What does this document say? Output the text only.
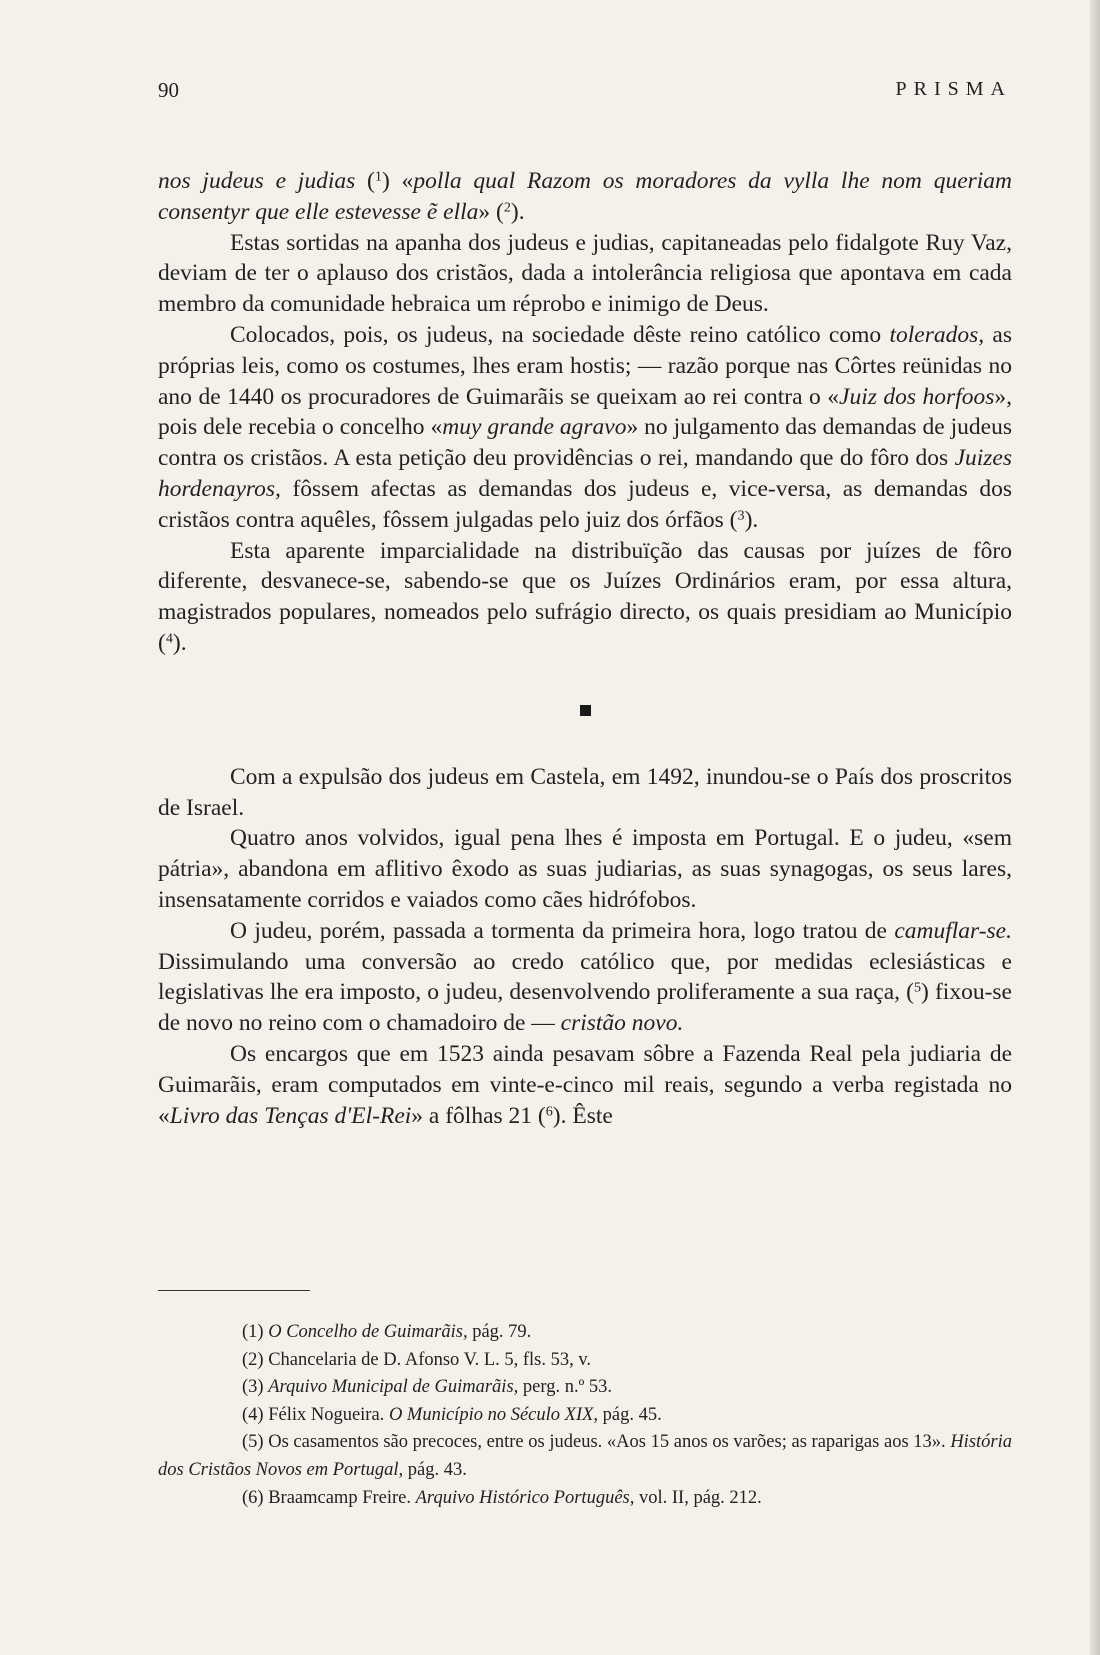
90	PRISMA

nos judeus e judias ($^1$) «polla qual Razom os moradores da vylla lhe nom queriam consentyr que elle estevesse ẽ ella» ($^2$).

Estas sortidas na apanha dos judeus e judias, capitaneadas pelo fidalgote Ruy Vaz, deviam de ter o aplauso dos cristãos, dada a intolerância religiosa que apontava em cada membro da comunidade hebraica um réprobo e inimigo de Deus.

Colocados, pois, os judeus, na sociedade dêste reino católico como tolerados, as próprias leis, como os costumes, lhes eram hostis; — razão porque nas Côrtes reünidas no ano de 1440 os procuradores de Guimarãis se queixam ao rei contra o «Juiz dos horfoos», pois dele recebia o concelho «muy grande agravo» no julgamento das demandas de judeus contra os cristãos. A esta petição deu providências o rei, mandando que do fôro dos Juizes hordenayros, fôssem afectas as demandas dos judeus e, vice-versa, as demandas dos cristãos contra aquêles, fôssem julgadas pelo juiz dos órfãos ($^3$).

Esta aparente imparcialidade na distribuïção das causas por juízes de fôro diferente, desvanece-se, sabendo-se que os Juízes Ordinários eram, por essa altura, magistrados populares, nomeados pelo sufrágio directo, os quais presidiam ao Município ($^4$).

Com a expulsão dos judeus em Castela, em 1492, inundou-se o País dos proscritos de Israel.

Quatro anos volvidos, igual pena lhes é imposta em Portugal. E o judeu, «sem pátria», abandona em aflitivo êxodo as suas judiarias, as suas synagogas, os seus lares, insensatamente corridos e vaiados como cães hidrófobos.

O judeu, porém, passada a tormenta da primeira hora, logo tratou de camuflar-se. Dissimulando uma conversão ao credo católico que, por medidas eclesiásticas e legislativas lhe era imposto, o judeu, desenvolvendo proliferamente a sua raça, ($^5$) fixou-se de novo no reino com o chamadoiro de — cristão novo.

Os encargos que em 1523 ainda pesavam sôbre a Fazenda Real pela judiaria de Guimarãis, eram computados em vinte-e-cinco mil reais, segundo a verba registada no «Livro das Tenças d'El-Rei» a fôlhas 21 ($^6$). Êste

(1) O Concelho de Guimarãis, pág. 79.

(2) Chancelaria de D. Afonso V. L. 5, fls. 53, v.

(3) Arquivo Municipal de Guimarãis, perg. n.º 53.

(4) Félix Nogueira. O Município no Século XIX, pág. 45.

(5) Os casamentos são precoces, entre os judeus. «Aos 15 anos os varões; as raparigas aos 13». História dos Cristãos Novos em Portugal, pág. 43.

(6) Braamcamp Freire. Arquivo Histórico Português, vol. II, pág. 212.
